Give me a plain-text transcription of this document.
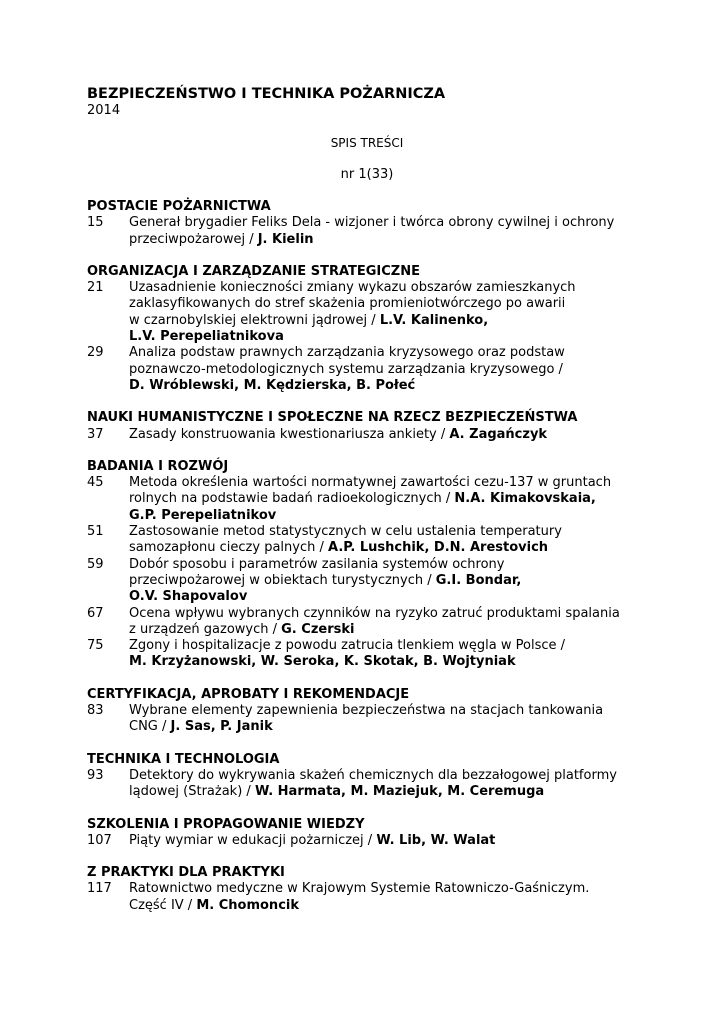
BEZPIECZEŃSTWO I TECHNIKA POŻARNICZA
2014
SPIS TREŚCI
nr 1(33)
POSTACIE POŻARNICTWA
15	Generał brygadier Feliks Dela - wizjoner i twórca obrony cywilnej i ochrony
przeciwpożarowej / J. Kielin
ORGANIZACJA I ZARZĄDZANIE STRATEGICZNE
21	Uzasadnienie konieczności zmiany wykazu obszarów zamieszkanych
zaklasyfikowanych do stref skażenia promieniotwórczego po awarii
w czarnobylskiej elektrowni jądrowej / L.V. Kalinenko,
L.V. Perepeliatnikova
29	Analiza podstaw prawnych zarządzania kryzysowego oraz podstaw
poznawczo-metodologicznych systemu zarządzania kryzysowego /
D. Wróblewski, M. Kędzierska, B. Połeć
NAUKI HUMANISTYCZNE I SPOŁECZNE NA RZECZ BEZPIECZEŃSTWA
37	Zasady konstruowania kwestionariusza ankiety / A. Zagańczyk
BADANIA I ROZWÓJ
45	Metoda określenia wartości normatywnej zawartości cezu-137 w gruntach
rolnych na podstawie badań radioekologicznych / N.A. Kimakovskaia,
G.P. Perepeliatnikov
51	Zastosowanie metod statystycznych w celu ustalenia temperatury
samozapłonu cieczy palnych / A.P. Lushchik, D.N. Arestovich
59	Dobór sposobu i parametrów zasilania systemów ochrony
przeciwpożarowej w obiektach turystycznych / G.I. Bondar,
O.V. Shapovalov
67	Ocena wpływu wybranych czynników na ryzyko zatruć produktami spalania
z urządzeń gazowych / G. Czerski
75	Zgony i hospitalizacje z powodu zatrucia tlenkiem węgla w Polsce /
M. Krzyżanowski, W. Seroka, K. Skotak, B. Wojtyniak
CERTYFIKACJA, APROBATY I REKOMENDACJE
83	Wybrane elementy zapewnienia bezpieczeństwa na stacjach tankowania
CNG / J. Sas, P. Janik
TECHNIKA I TECHNOLOGIA
93	Detektory do wykrywania skażeń chemicznych dla bezzałogowej platformy
lądowej (Strażak) / W. Harmata, M. Maziejuk, M. Ceremuga
SZKOLENIA I PROPAGOWANIE WIEDZY
107	Piąty wymiar w edukacji pożarniczej / W. Lib, W. Walat
Z PRAKTYKI DLA PRAKTYKI
117	Ratownictwo medyczne w Krajowym Systemie Ratowniczo-Gaśniczym.
Część IV / M. Chomoncik
